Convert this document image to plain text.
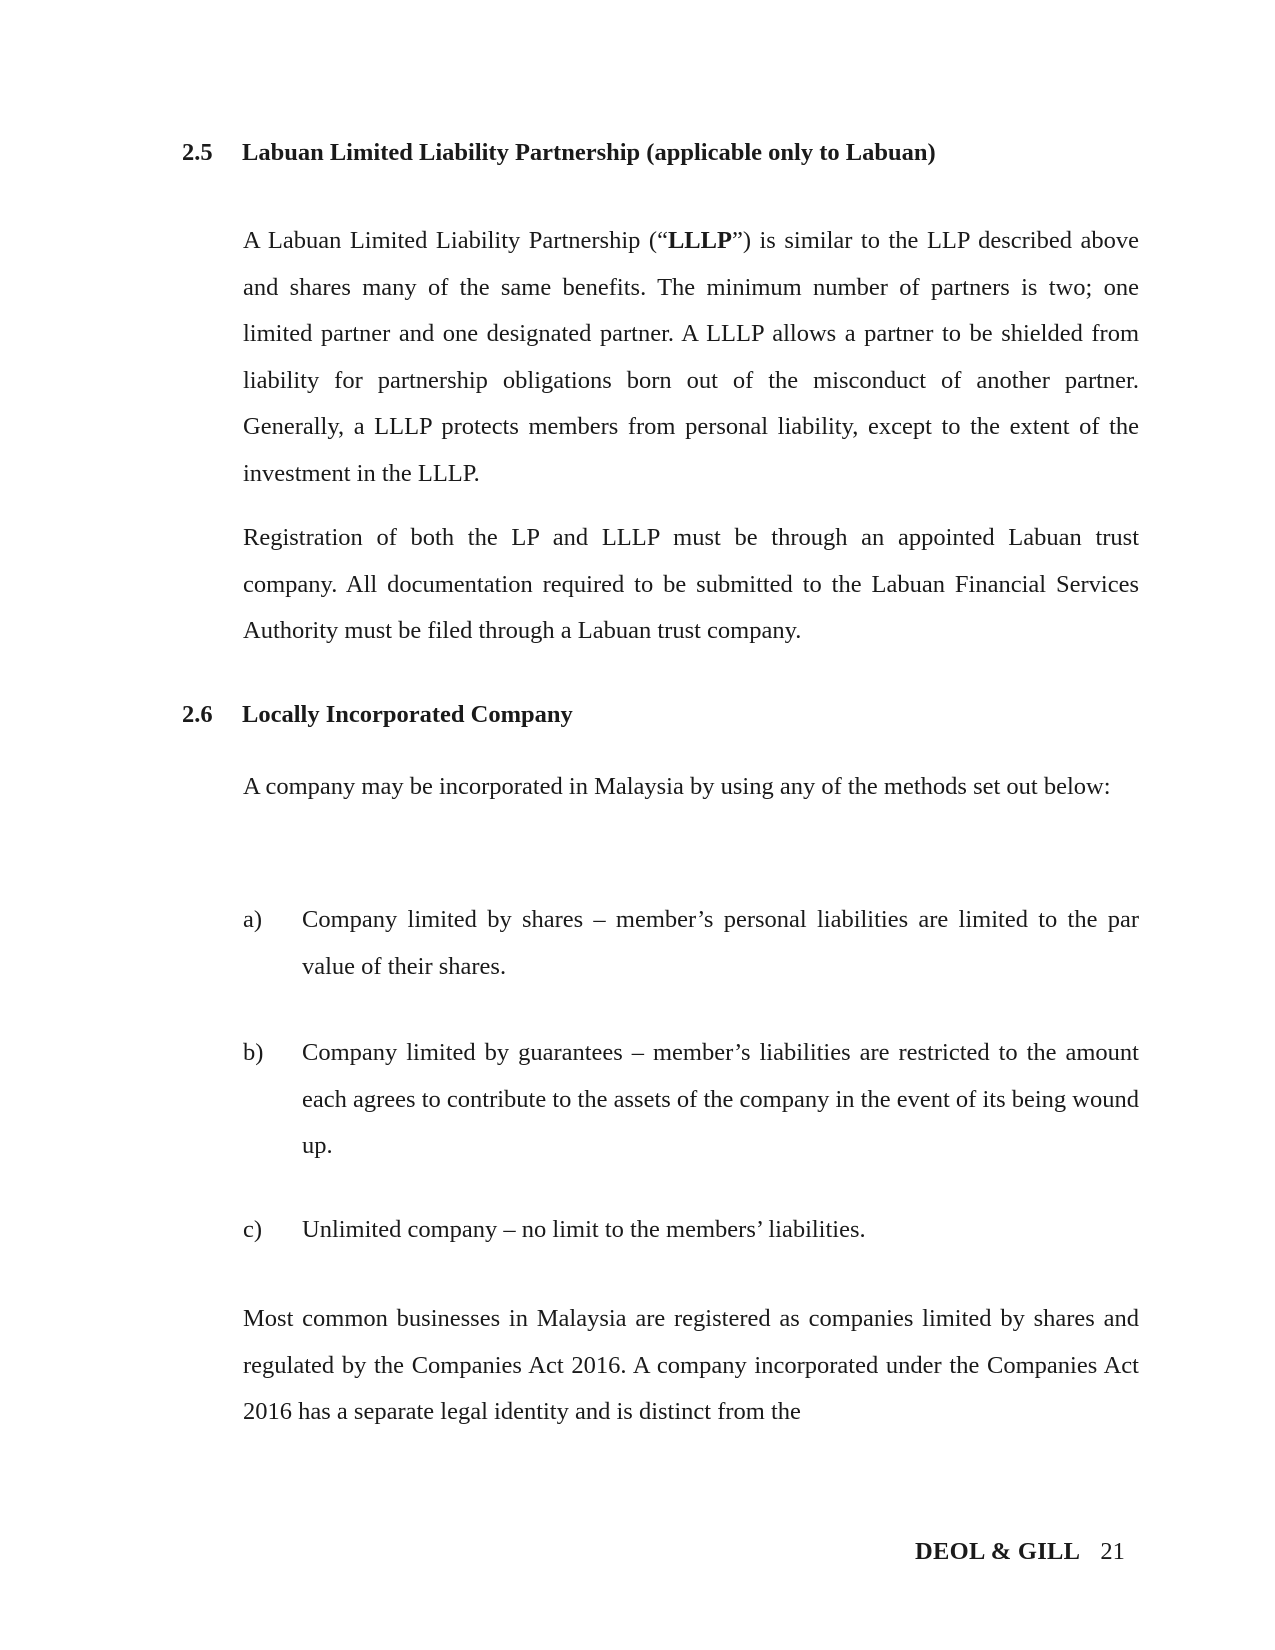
2.5 Labuan Limited Liability Partnership (applicable only to Labuan)

A Labuan Limited Liability Partnership (“LLLP”) is similar to the LLP described above and shares many of the same benefits. The minimum number of partners is two; one limited partner and one designated partner. A LLLP allows a partner to be shielded from liability for partnership obligations born out of the misconduct of another partner. Generally, a LLLP protects members from personal liability, except to the extent of the investment in the LLLP.

Registration of both the LP and LLLP must be through an appointed Labuan trust company. All documentation required to be submitted to the Labuan Financial Services Authority must be filed through a Labuan trust company.

2.6 Locally Incorporated Company

A company may be incorporated in Malaysia by using any of the methods set out below:

a) Company limited by shares – member’s personal liabilities are limited to the par value of their shares.
b) Company limited by guarantees – member’s liabilities are restricted to the amount each agrees to contribute to the assets of the company in the event of its being wound up.
c) Unlimited company – no limit to the members’ liabilities.

Most common businesses in Malaysia are registered as companies limited by shares and regulated by the Companies Act 2016. A company incorporated under the Companies Act 2016 has a separate legal identity and is distinct from the

DEOL & GILL 21
